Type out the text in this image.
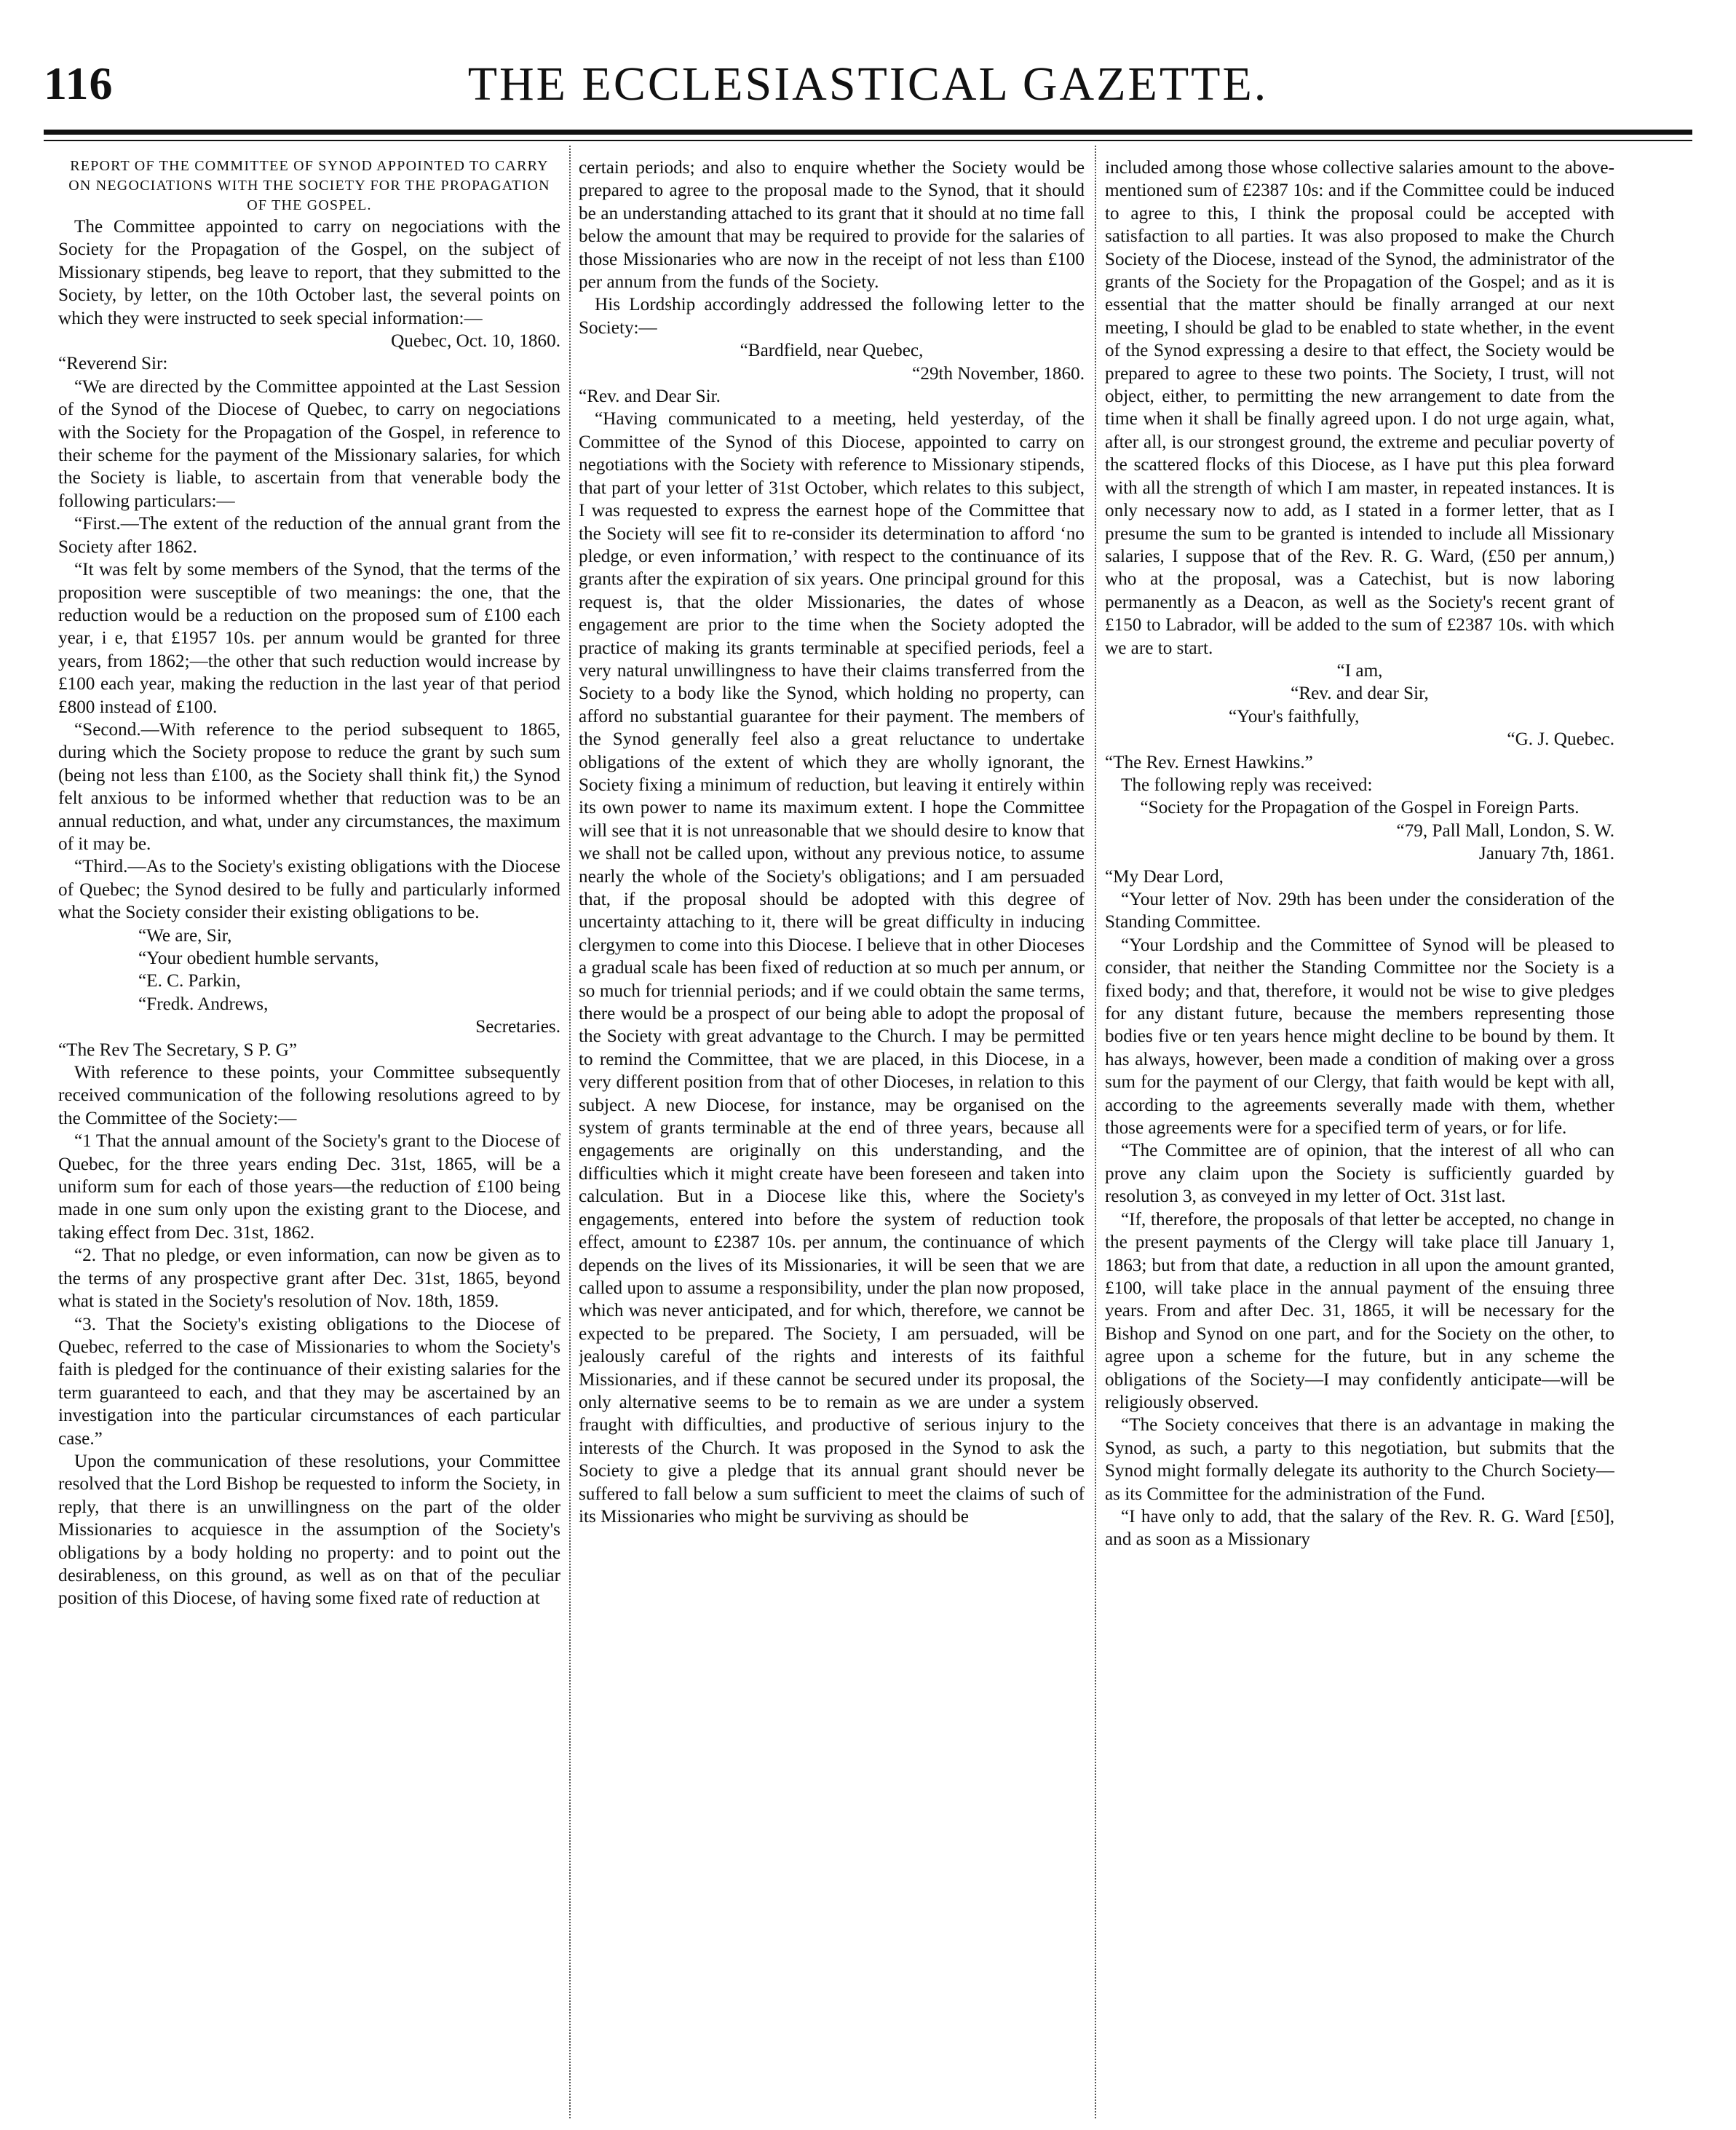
116	THE ECCLESIASTICAL GAZETTE.

REPORT OF THE COMMITTEE OF SYNOD APPOINTED TO CARRY ON NEGOCIATIONS WITH THE SOCIETY FOR THE PROPAGATION OF THE GOSPEL.

The Committee appointed to carry on negociations with the Society for the Propagation of the Gospel, on the subject of Missionary stipends, beg leave to report, that they submitted to the Society, by letter, on the 10th October last, the several points on which they were instructed to seek special information:—

Quebec, Oct. 10, 1860.

“Reverend Sir:

“We are directed by the Committee appointed at the Last Session of the Synod of the Diocese of Quebec, to carry on negociations with the Society for the Propagation of the Gospel, in reference to their scheme for the payment of the Missionary salaries, for which the Society is liable, to ascertain from that venerable body the following particulars:—

“First.—The extent of the reduction of the annual grant from the Society after 1862.

“It was felt by some members of the Synod, that the terms of the proposition were susceptible of two meanings: the one, that the reduction would be a reduction on the proposed sum of £100 each year, i e, that £1957 10s. per annum would be granted for three years, from 1862;—the other that such reduction would increase by £100 each year, making the reduction in the last year of that period £800 instead of £100.

“Second.—With reference to the period subsequent to 1865, during which the Society propose to reduce the grant by such sum (being not less than £100, as the Society shall think fit,) the Synod felt anxious to be informed whether that reduction was to be an annual reduction, and what, under any circumstances, the maximum of it may be.

“Third.—As to the Society's existing obligations with the Diocese of Quebec; the Synod desired to be fully and particularly informed what the Society consider their existing obligations to be.

“We are, Sir,

“Your obedient humble servants,

“E. C. Parkin,

“Fredk. Andrews,

Secretaries.

“The Rev The Secretary, S P. G”

With reference to these points, your Committee subsequently received communication of the following resolutions agreed to by the Committee of the Society:—

“1 That the annual amount of the Society's grant to the Diocese of Quebec, for the three years ending Dec. 31st, 1865, will be a uniform sum for each of those years—the reduction of £100 being made in one sum only upon the existing grant to the Diocese, and taking effect from Dec. 31st, 1862.

“2. That no pledge, or even information, can now be given as to the terms of any prospective grant after Dec. 31st, 1865, beyond what is stated in the Society's resolution of Nov. 18th, 1859.

“3. That the Society's existing obligations to the Diocese of Quebec, referred to the case of Missionaries to whom the Society's faith is pledged for the continuance of their existing salaries for the term guaranteed to each, and that they may be ascertained by an investigation into the particular circumstances of each particular case.”

Upon the communication of these resolutions, your Committee resolved that the Lord Bishop be requested to inform the Society, in reply, that there is an unwillingness on the part of the older Missionaries to acquiesce in the assumption of the Society's obligations by a body holding no property: and to point out the desirableness, on this ground, as well as on that of the peculiar position of this Diocese, of having some fixed rate of reduction at

certain periods; and also to enquire whether the Society would be prepared to agree to the proposal made to the Synod, that it should be an understanding attached to its grant that it should at no time fall below the amount that may be required to provide for the salaries of those Missionaries who are now in the receipt of not less than £100 per annum from the funds of the Society.

His Lordship accordingly addressed the following letter to the Society:—

“Bardfield, near Quebec,

“29th November, 1860.

“Rev. and Dear Sir.

“Having communicated to a meeting, held yesterday, of the Committee of the Synod of this Diocese, appointed to carry on negotiations with the Society with reference to Missionary stipends, that part of your letter of 31st October, which relates to this subject, I was requested to express the earnest hope of the Committee that the Society will see fit to re-consider its determination to afford ‘no pledge, or even information,’ with respect to the continuance of its grants after the expiration of six years. One principal ground for this request is, that the older Missionaries, the dates of whose engagement are prior to the time when the Society adopted the practice of making its grants terminable at specified periods, feel a very natural unwillingness to have their claims transferred from the Society to a body like the Synod, which holding no property, can afford no substantial guarantee for their payment. The members of the Synod generally feel also a great reluctance to undertake obligations of the extent of which they are wholly ignorant, the Society fixing a minimum of reduction, but leaving it entirely within its own power to name its maximum extent. I hope the Committee will see that it is not unreasonable that we should desire to know that we shall not be called upon, without any previous notice, to assume nearly the whole of the Society's obligations; and I am persuaded that, if the proposal should be adopted with this degree of uncertainty attaching to it, there will be great difficulty in inducing clergymen to come into this Diocese. I believe that in other Dioceses a gradual scale has been fixed of reduction at so much per annum, or so much for triennial periods; and if we could obtain the same terms, there would be a prospect of our being able to adopt the proposal of the Society with great advantage to the Church. I may be permitted to remind the Committee, that we are placed, in this Diocese, in a very different position from that of other Dioceses, in relation to this subject. A new Diocese, for instance, may be organised on the system of grants terminable at the end of three years, because all engagements are originally on this understanding, and the difficulties which it might create have been foreseen and taken into calculation. But in a Diocese like this, where the Society's engagements, entered into before the system of reduction took effect, amount to £2387 10s. per annum, the continuance of which depends on the lives of its Missionaries, it will be seen that we are called upon to assume a responsibility, under the plan now proposed, which was never anticipated, and for which, therefore, we cannot be expected to be prepared. The Society, I am persuaded, will be jealously careful of the rights and interests of its faithful Missionaries, and if these cannot be secured under its proposal, the only alternative seems to be to remain as we are under a system fraught with difficulties, and productive of serious injury to the interests of the Church. It was proposed in the Synod to ask the Society to give a pledge that its annual grant should never be suffered to fall below a sum sufficient to meet the claims of such of its Missionaries who might be surviving as should be

included among those whose collective salaries amount to the above-mentioned sum of £2387 10s: and if the Committee could be induced to agree to this, I think the proposal could be accepted with satisfaction to all parties. It was also proposed to make the Church Society of the Diocese, instead of the Synod, the administrator of the grants of the Society for the Propagation of the Gospel; and as it is essential that the matter should be finally arranged at our next meeting, I should be glad to be enabled to state whether, in the event of the Synod expressing a desire to that effect, the Society would be prepared to agree to these two points. The Society, I trust, will not object, either, to permitting the new arrangement to date from the time when it shall be finally agreed upon. I do not urge again, what, after all, is our strongest ground, the extreme and peculiar poverty of the scattered flocks of this Diocese, as I have put this plea forward with all the strength of which I am master, in repeated instances. It is only necessary now to add, as I stated in a former letter, that as I presume the sum to be granted is intended to include all Missionary salaries, I suppose that of the Rev. R. G. Ward, (£50 per annum,) who at the proposal, was a Catechist, but is now laboring permanently as a Deacon, as well as the Society's recent grant of £150 to Labrador, will be added to the sum of £2387 10s. with which we are to start.

“I am,

“Rev. and dear Sir,

“Your's faithfully,

“G. J. Quebec.

“The Rev. Ernest Hawkins.”

The following reply was received:

“Society for the Propagation of the Gospel in Foreign Parts.

“79, Pall Mall, London, S. W.

January 7th, 1861.

“My Dear Lord,

“Your letter of Nov. 29th has been under the consideration of the Standing Committee.

“Your Lordship and the Committee of Synod will be pleased to consider, that neither the Standing Committee nor the Society is a fixed body; and that, therefore, it would not be wise to give pledges for any distant future, because the members representing those bodies five or ten years hence might decline to be bound by them. It has always, however, been made a condition of making over a gross sum for the payment of our Clergy, that faith would be kept with all, according to the agreements severally made with them, whether those agreements were for a specified term of years, or for life.

“The Committee are of opinion, that the interest of all who can prove any claim upon the Society is sufficiently guarded by resolution 3, as conveyed in my letter of Oct. 31st last.

“If, therefore, the proposals of that letter be accepted, no change in the present payments of the Clergy will take place till January 1, 1863; but from that date, a reduction in all upon the amount granted, £100, will take place in the annual payment of the ensuing three years. From and after Dec. 31, 1865, it will be necessary for the Bishop and Synod on one part, and for the Society on the other, to agree upon a scheme for the future, but in any scheme the obligations of the Society—I may confidently anticipate—will be religiously observed.

“The Society conceives that there is an advantage in making the Synod, as such, a party to this negotiation, but submits that the Synod might formally delegate its authority to the Church Society—as its Committee for the administration of the Fund.

“I have only to add, that the salary of the Rev. R. G. Ward [£50], and as soon as a Missionary
